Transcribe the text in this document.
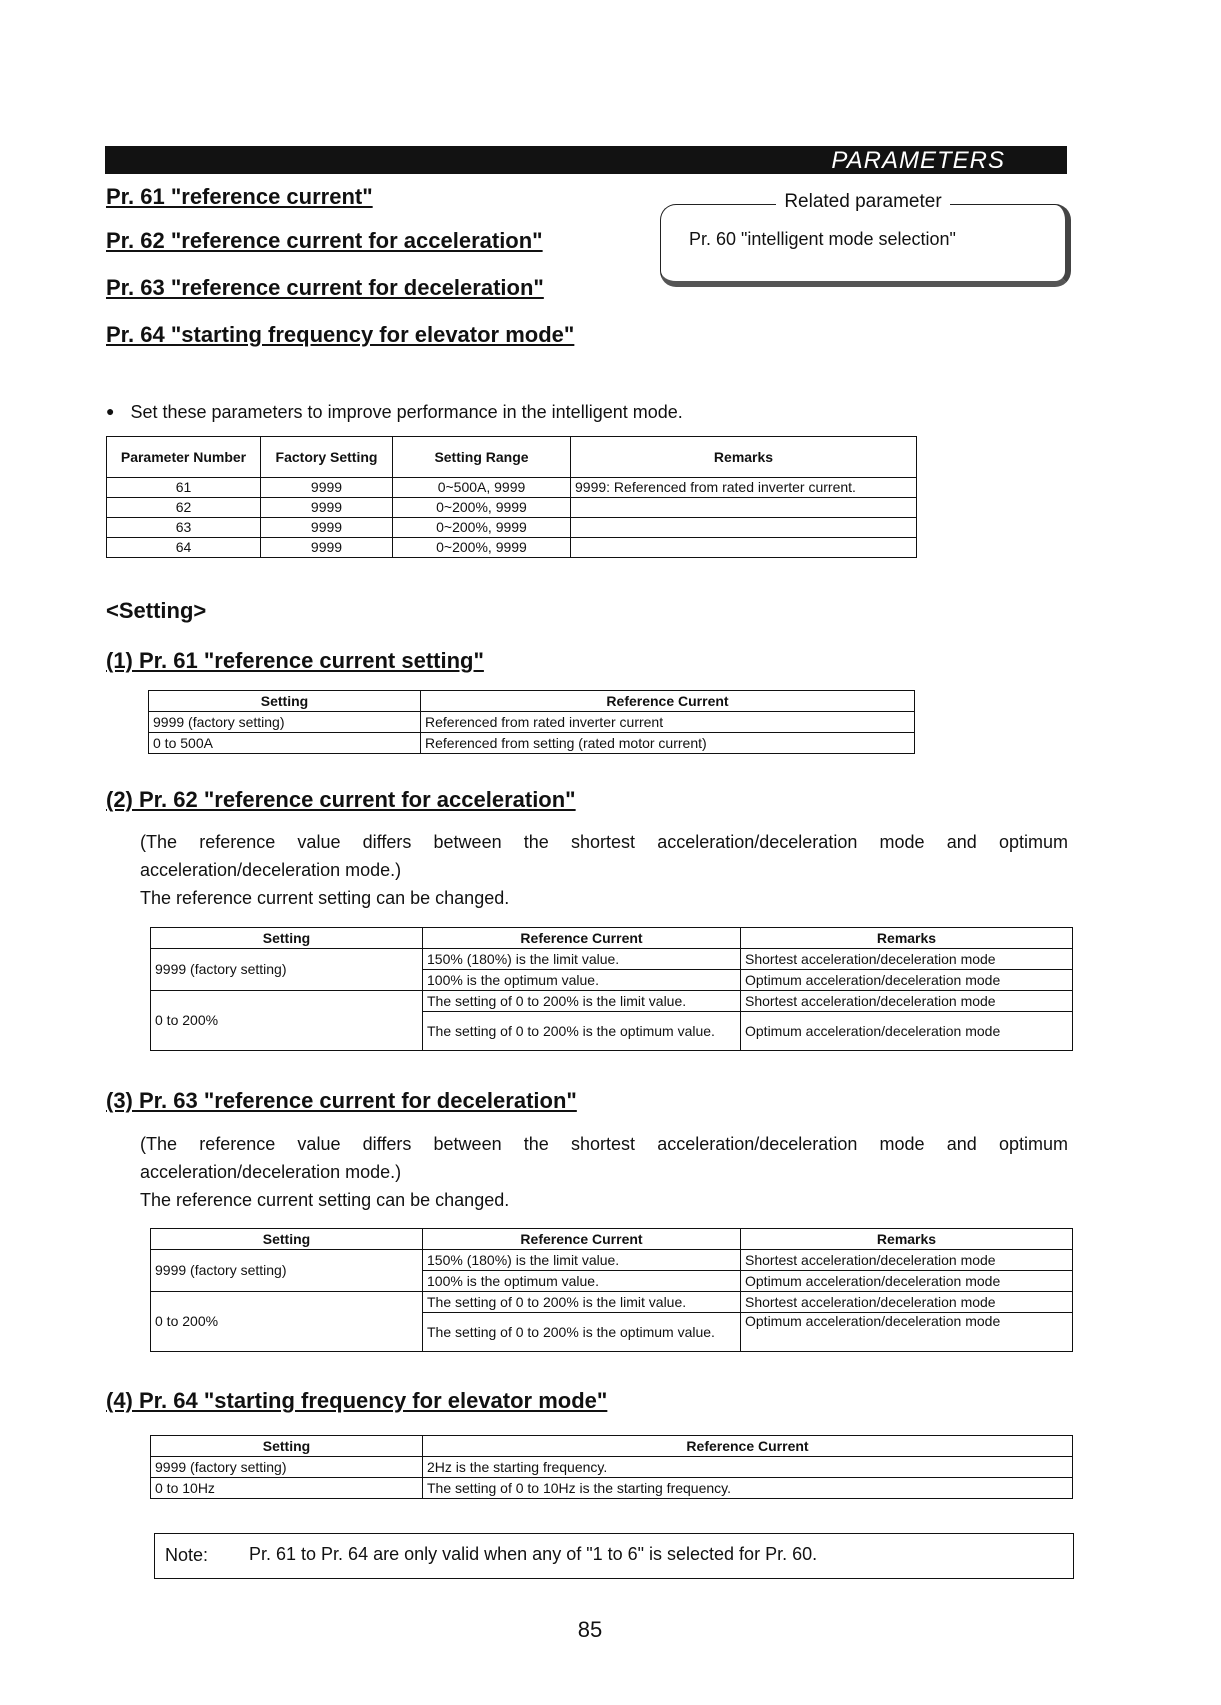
PARAMETERS
Pr. 61 "reference current"
Pr. 62 "reference current for acceleration"
Pr. 63 "reference current for deceleration"
Pr. 64 "starting frequency for elevator mode"
Related parameter
Pr. 60 "intelligent mode selection"
● Set these parameters to improve performance in the intelligent mode.
Parameter Number	Factory Setting	Setting Range	Remarks
61	9999	0~500A, 9999	9999: Referenced from rated inverter current.
62	9999	0~200%, 9999	
63	9999	0~200%, 9999	
64	9999	0~200%, 9999	
<Setting>
(1) Pr. 61 "reference current setting"
Setting	Reference Current
9999 (factory setting)	Referenced from rated inverter current
0 to 500A	Referenced from setting (rated motor current)
(2) Pr. 62 "reference current for acceleration"
(The reference value differs between the shortest acceleration/deceleration mode and optimum
acceleration/deceleration mode.)
The reference current setting can be changed.
Setting	Reference Current	Remarks
9999 (factory setting)	150% (180%) is the limit value.	Shortest acceleration/deceleration mode
	100% is the optimum value.	Optimum acceleration/deceleration mode
0 to 200%	The setting of 0 to 200% is the limit value.	Shortest acceleration/deceleration mode
	The setting of 0 to 200% is the optimum value.	Optimum acceleration/deceleration mode
(3) Pr. 63 "reference current for deceleration"
(The reference value differs between the shortest acceleration/deceleration mode and optimum
acceleration/deceleration mode.)
The reference current setting can be changed.
Setting	Reference Current	Remarks
9999 (factory setting)	150% (180%) is the limit value.	Shortest acceleration/deceleration mode
	100% is the optimum value.	Optimum acceleration/deceleration mode
0 to 200%	The setting of 0 to 200% is the limit value.	Shortest acceleration/deceleration mode
	The setting of 0 to 200% is the optimum value.	Optimum acceleration/deceleration mode
(4) Pr. 64 "starting frequency for elevator mode"
Setting	Reference Current
9999 (factory setting)	2Hz is the starting frequency.
0 to 10Hz	The setting of 0 to 10Hz is the starting frequency.
Note: Pr. 61 to Pr. 64 are only valid when any of "1 to 6" is selected for Pr. 60.
85
